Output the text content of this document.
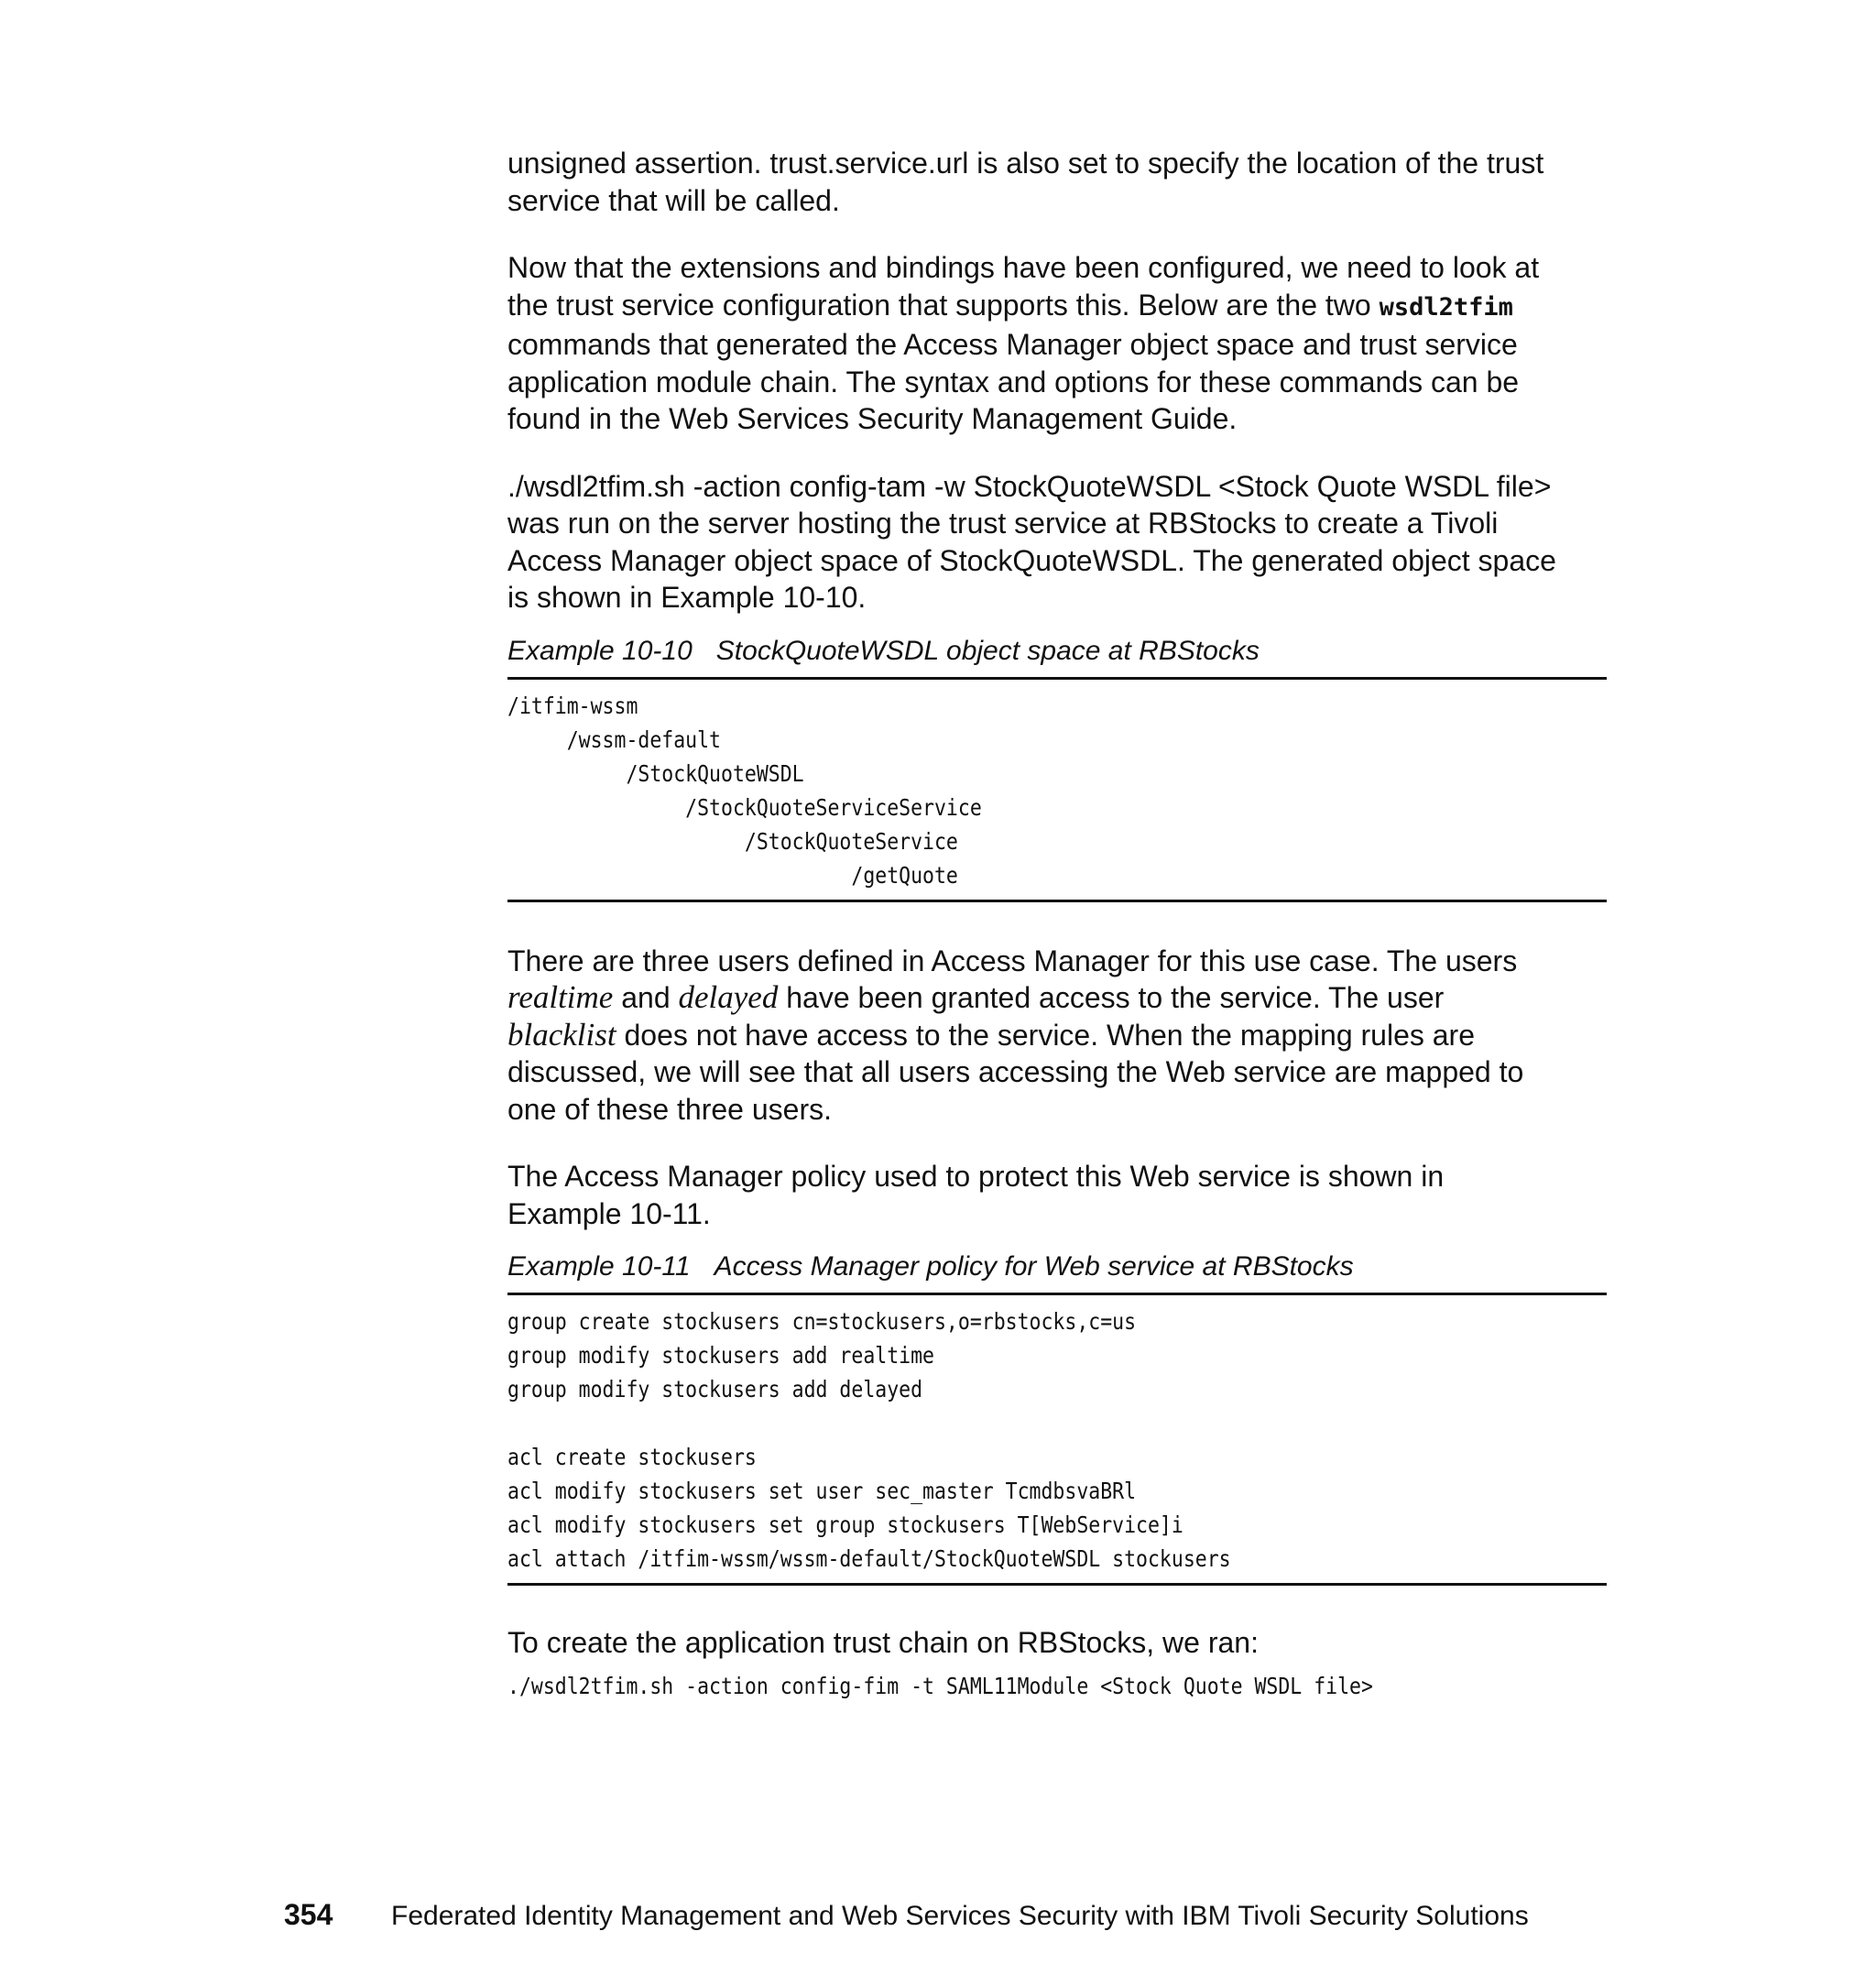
unsigned assertion. trust.service.url is also set to specify the location of the trust
service that will be called.
Now that the extensions and bindings have been configured, we need to look at
the trust service configuration that supports this. Below are the two wsdl2tfim
commands that generated the Access Manager object space and trust service
application module chain. The syntax and options for these commands can be
found in the Web Services Security Management Guide.
./wsdl2tfim.sh -action config-tam -w StockQuoteWSDL <Stock Quote WSDL file>
was run on the server hosting the trust service at RBStocks to create a Tivoli
Access Manager object space of StockQuoteWSDL. The generated object space
is shown in Example 10-10.
Example 10-10 StockQuoteWSDL object space at RBStocks
/itfim-wssm
/wssm-default
/StockQuoteWSDL
/StockQuoteServiceService
/StockQuoteService
/getQuote
There are three users defined in Access Manager for this use case. The users
realtime and delayed have been granted access to the service. The user
blacklist does not have access to the service. When the mapping rules are
discussed, we will see that all users accessing the Web service are mapped to
one of these three users.
The Access Manager policy used to protect this Web service is shown in
Example 10-11.
Example 10-11 Access Manager policy for Web service at RBStocks
group create stockusers cn=stockusers,o=rbstocks,c=us
group modify stockusers add realtime
group modify stockusers add delayed
acl create stockusers
acl modify stockusers set user sec_master TcmdbsvaBRl
acl modify stockusers set group stockusers T[WebService]i
acl attach /itfim-wssm/wssm-default/StockQuoteWSDL stockusers
To create the application trust chain on RBStocks, we ran:
./wsdl2tfim.sh -action config-fim -t SAML11Module <Stock Quote WSDL file>
354 Federated Identity Management and Web Services Security with IBM Tivoli Security Solutions
